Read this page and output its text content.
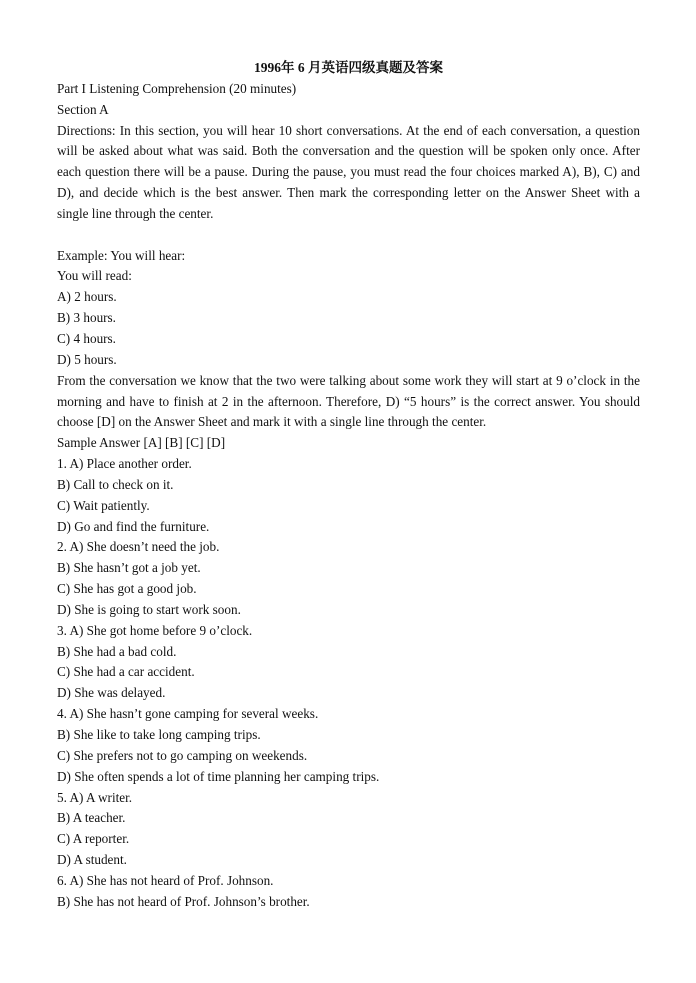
1996年 6 月英语四级真题及答案
Part I Listening Comprehension (20 minutes)
Section A
Directions: In this section, you will hear 10 short conversations. At the end of each conversation, a question will be asked about what was said. Both the conversation and the question will be spoken only once. After each question there will be a pause. During the pause, you must read the four choices marked A), B), C) and D), and decide which is the best answer. Then mark the corresponding letter on the Answer Sheet with a single line through the center.
Example: You will hear:
You will read:
A) 2 hours.
B) 3 hours.
C) 4 hours.
D) 5 hours.
From the conversation we know that the two were talking about some work they will start at 9 o’clock in the morning and have to finish at 2 in the afternoon. Therefore, D) “5 hours” is the correct answer. You should choose [D] on the Answer Sheet and mark it with a single line through the center.
Sample Answer [A] [B] [C] [D]
1. A) Place another order.
B) Call to check on it.
C) Wait patiently.
D) Go and find the furniture.
2. A) She doesn’t need the job.
B) She hasn’t got a job yet.
C) She has got a good job.
D) She is going to start work soon.
3. A) She got home before 9 o’clock.
B) She had a bad cold.
C) She had a car accident.
D) She was delayed.
4. A) She hasn’t gone camping for several weeks.
B) She like to take long camping trips.
C) She prefers not to go camping on weekends.
D) She often spends a lot of time planning her camping trips.
5. A) A writer.
B) A teacher.
C) A reporter.
D) A student.
6. A) She has not heard of Prof. Johnson.
B) She has not heard of Prof. Johnson’s brother.
